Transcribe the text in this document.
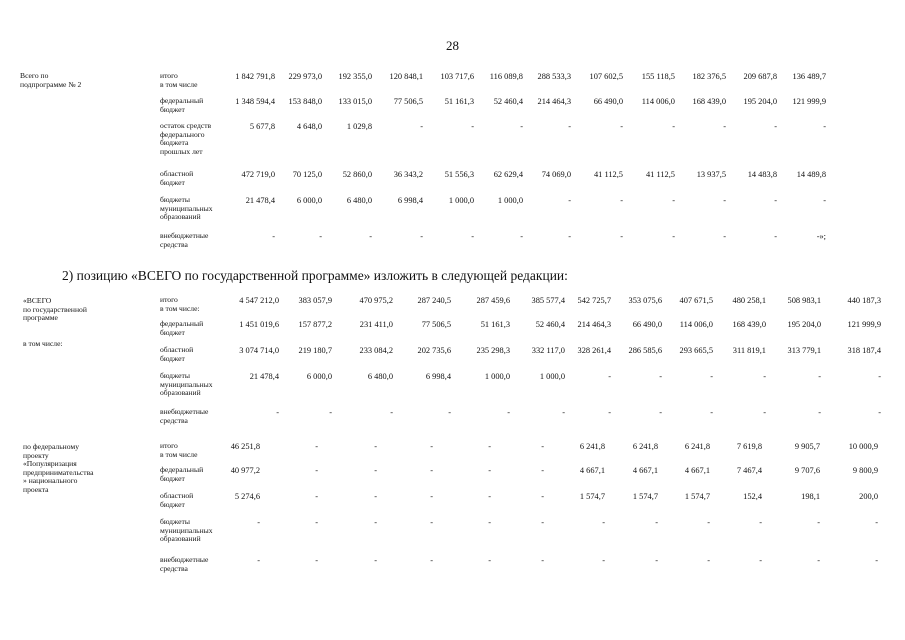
28
Всего по
подпрограмме № 2
итого
в том числе
1 842 791,8	229 973,0	192 355,0	120 848,1	103 717,6	116 089,8	288 533,3	107 602,5	155 118,5	182 376,5	209 687,8	136 489,7
федеральный
бюджет
1 348 594,4	153 848,0	133 015,0	77 506,5	51 161,3	52 460,4	214 464,3	66 490,0	114 006,0	168 439,0	195 204,0	121 999,9
остаток средств
федерального
бюджета
прошлых лет
5 677,8	4 648,0	1 029,8	-	-	-	-	-	-	-	-	-
областной
бюджет
472 719,0	70 125,0	52 860,0	36 343,2	51 556,3	62 629,4	74 069,0	41 112,5	41 112,5	13 937,5	14 483,8	14 489,8
бюджеты
муниципальных
образований
21 478,4	6 000,0	6 480,0	6 998,4	1 000,0	1 000,0	-	-	-	-	-	-
внебюджетные
средства
-	-	-	-	-	-	-	-	-	-	-	-»;
2) позицию «ВСЕГО по государственной программе» изложить в следующей редакции:
«ВСЕГО
по государственной
программе
в том числе:
итого
в том числе:
4 547 212,0	383 057,9	470 975,2	287 240,5	287 459,6	385 577,4	542 725,7	353 075,6	407 671,5	480 258,1	508 983,1	440 187,3
федеральный
бюджет
1 451 019,6	157 877,2	231 411,0	77 506,5	51 161,3	52 460,4	214 464,3	66 490,0	114 006,0	168 439,0	195 204,0	121 999,9
областной
бюджет
3 074 714,0	219 180,7	233 084,2	202 735,6	235 298,3	332 117,0	328 261,4	286 585,6	293 665,5	311 819,1	313 779,1	318 187,4
бюджеты
муниципальных
образований
21 478,4	6 000,0	6 480,0	6 998,4	1 000,0	1 000,0	-	-	-	-	-	-
внебюджетные
средства
-	-	-	-	-	-	-	-	-	-	-	-
по федеральному
проекту
«Популяризация
предпринимательства
» национального
проекта
итого
в том числе
46 251,8	-	-	-	-	-	6 241,8	6 241,8	6 241,8	7 619,8	9 905,7	10 000,9
федеральный
бюджет
40 977,2	-	-	-	-	-	4 667,1	4 667,1	4 667,1	7 467,4	9 707,6	9 800,9
областной
бюджет
5 274,6	-	-	-	-	-	1 574,7	1 574,7	1 574,7	152,4	198,1	200,0
бюджеты
муниципальных
образований
-	-	-	-	-	-	-	-	-	-	-	-
внебюджетные
средства
-	-	-	-	-	-	-	-	-	-	-	-
